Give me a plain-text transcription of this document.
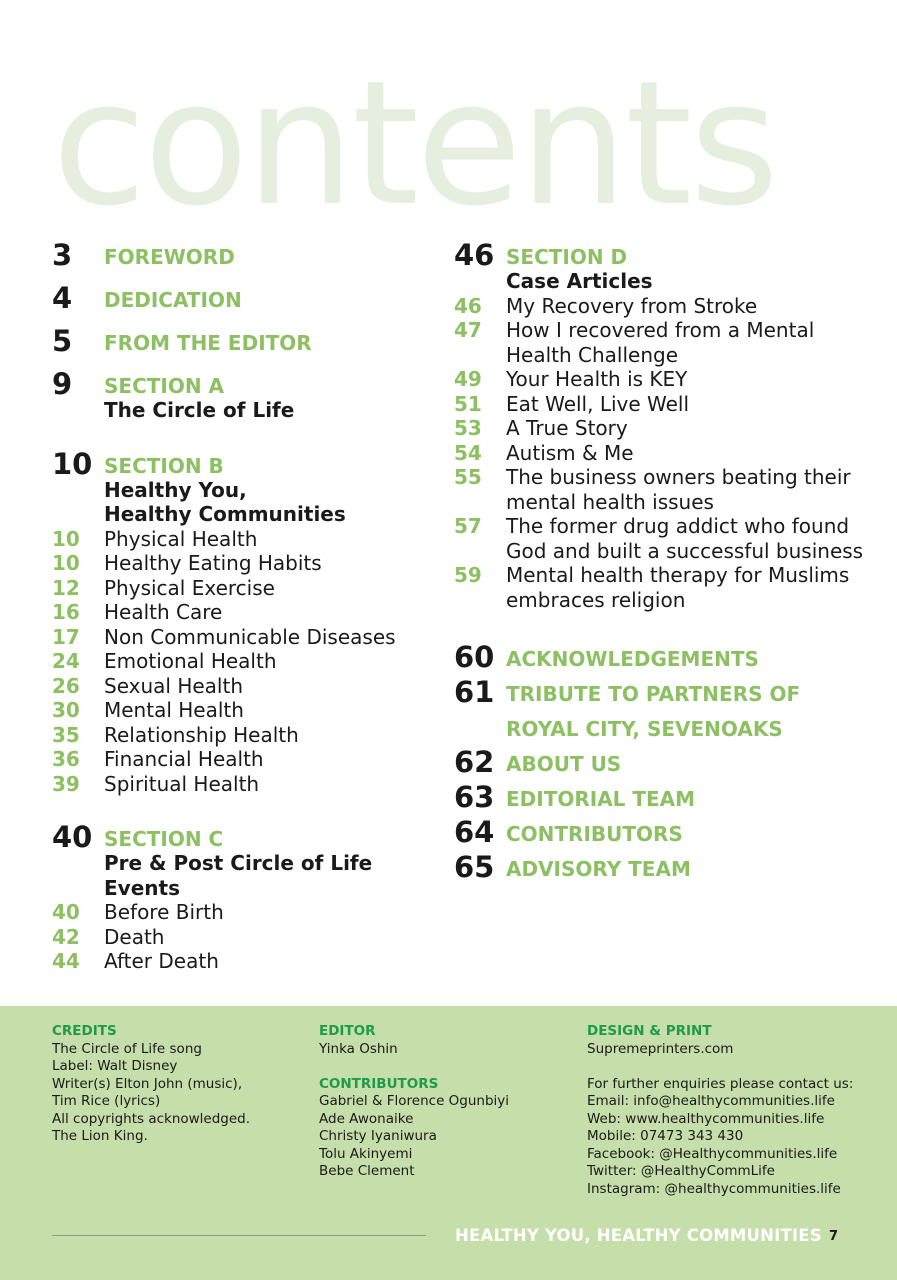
contents
3 FOREWORD
4 DEDICATION
5 FROM THE EDITOR
9 SECTION A
The Circle of Life
10 SECTION B
Healthy You,
Healthy Communities
10 Physical Health
10 Healthy Eating Habits
12 Physical Exercise
16 Health Care
17 Non Communicable Diseases
24 Emotional Health
26 Sexual Health
30 Mental Health
35 Relationship Health
36 Financial Health
39 Spiritual Health
40 SECTION C
Pre & Post Circle of Life Events
40 Before Birth
42 Death
44 After Death
46 SECTION D
Case Articles
46 My Recovery from Stroke
47 How I recovered from a Mental
Health Challenge
49 Your Health is KEY
51 Eat Well, Live Well
53 A True Story
54 Autism & Me
55 The business owners beating their
mental health issues
57 The former drug addict who found
God and built a successful business
59 Mental health therapy for Muslims
embraces religion
60 ACKNOWLEDGEMENTS
61 TRIBUTE TO PARTNERS OF
ROYAL CITY, SEVENOAKS
62 ABOUT US
63 EDITORIAL TEAM
64 CONTRIBUTORS
65 ADVISORY TEAM
CREDITS
The Circle of Life song
Label: Walt Disney
Writer(s) Elton John (music),
Tim Rice (lyrics)
All copyrights acknowledged.
The Lion King.
EDITOR
Yinka Oshin
CONTRIBUTORS
Gabriel & Florence Ogunbiyi
Ade Awonaike
Christy Iyaniwura
Tolu Akinyemi
Bebe Clement
DESIGN & PRINT
Supremeprinters.com
For further enquiries please contact us:
Email: info@healthycommunities.life
Web: www.healthycommunities.life
Mobile: 07473 343 430
Facebook: @Healthycommunities.life
Twitter: @HealthyCommLife
Instagram: @healthycommunities.life
HEALTHY YOU, HEALTHY COMMUNITIES 7
